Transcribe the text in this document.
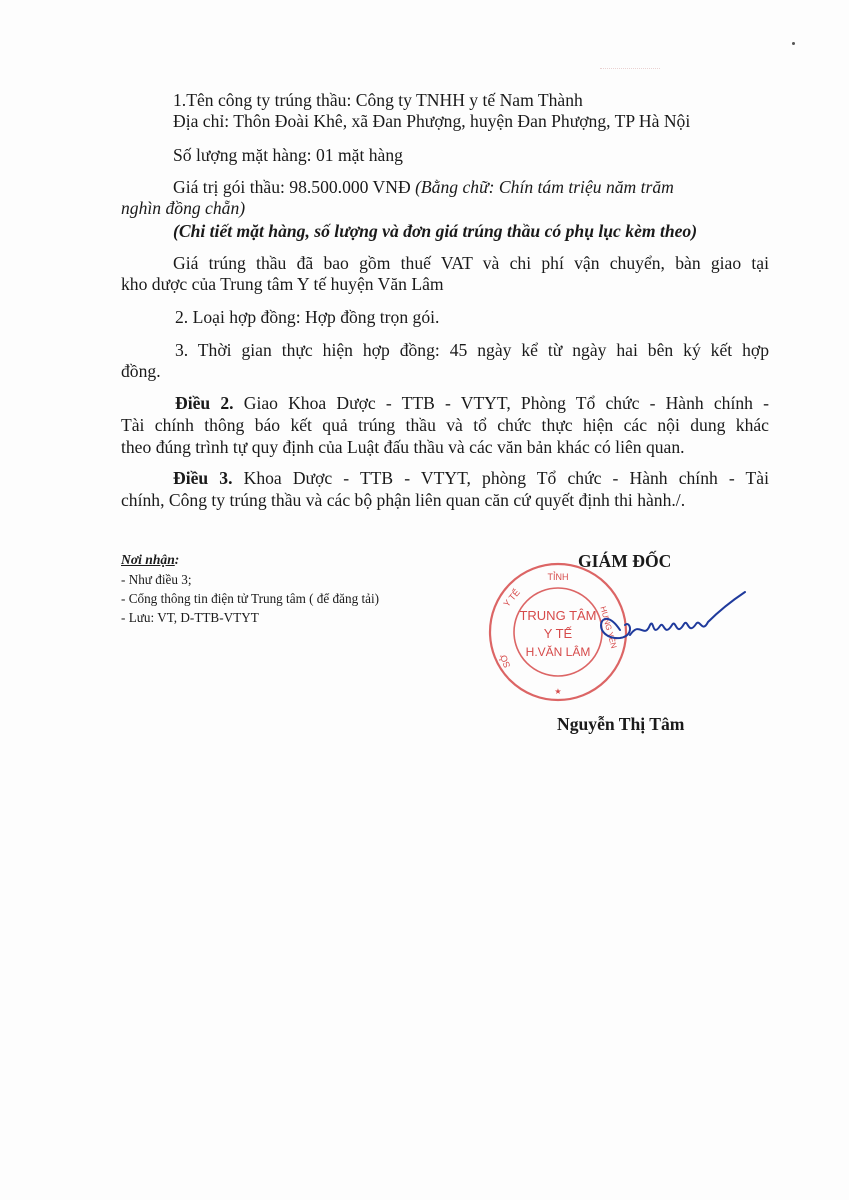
1.Tên công ty trúng thầu: Công ty TNHH y tế Nam Thành
Địa chỉ: Thôn Đoài Khê, xã Đan Phượng, huyện Đan Phượng, TP Hà Nội
Số lượng mặt hàng: 01 mặt hàng
Giá trị gói thầu: 98.500.000 VNĐ (Bằng chữ: Chín tám triệu năm trăm
nghìn đồng chẵn)
(Chi tiết mặt hàng, số lượng và đơn giá trúng thầu có phụ lục kèm theo)
Giá trúng thầu đã bao gồm thuế VAT và chi phí vận chuyển, bàn giao tại
kho dược của Trung tâm Y tế huyện Văn Lâm
2. Loại hợp đồng: Hợp đồng trọn gói.
3. Thời gian thực hiện hợp đồng: 45 ngày kể từ ngày hai bên ký kết hợp
đồng.
Điều 2. Giao Khoa Dược - TTB - VTYT, Phòng Tổ chức - Hành chính -
Tài chính thông báo kết quả trúng thầu và tổ chức thực hiện các nội dung khác
theo đúng trình tự quy định của Luật đấu thầu và các văn bản khác có liên quan.
Điều 3. Khoa Dược - TTB - VTYT, phòng Tổ chức - Hành chính - Tài
chính, Công ty trúng thầu và các bộ phận liên quan căn cứ quyết định thi hành./.
Nơi nhận:
- Như điều 3;
- Cổng thông tin điện tử Trung tâm ( để đăng tải)
- Lưu: VT, D-TTB-VTYT
GIÁM ĐỐC
TỈNH
Y TẾ
HƯNG YÊN
SỞ
TRUNG TÂM
Y TẾ
H.VĂN LÂM
★
Nguyễn Thị Tâm
